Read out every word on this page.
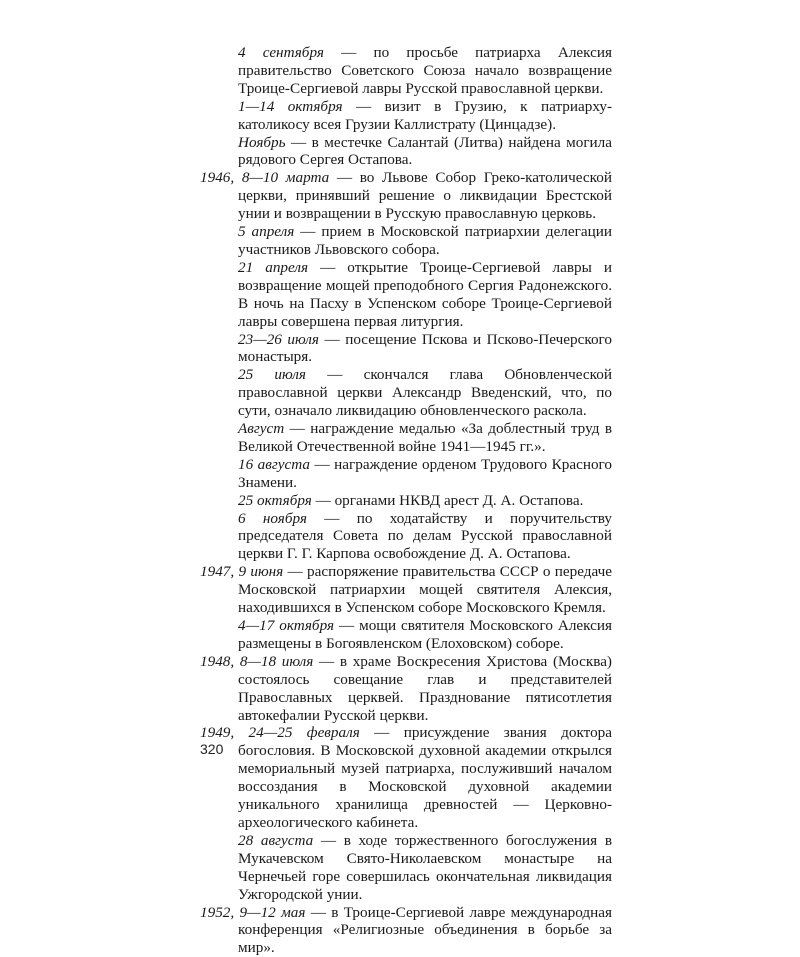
4 сентября — по просьбе патриарха Алексия правительство Советского Союза начало возвращение Троице-Сергиевой лавры Русской православной церкви.

1—14 октября — визит в Грузию, к патриарху-католикосу всея Грузии Каллистрату (Цинцадзе).

Ноябрь — в местечке Салантай (Литва) найдена могила рядового Сергея Остапова.

1946, 8—10 марта — во Львове Собор Греко-католической церкви, принявший решение о ликвидации Брестской унии и возвращении в Русскую православную церковь.

5 апреля — прием в Московской патриархии делегации участников Львовского собора.

21 апреля — открытие Троице-Сергиевой лавры и возвращение мощей преподобного Сергия Радонежского. В ночь на Пасху в Успенском соборе Троице-Сергиевой лавры совершена первая литургия.

23—26 июля — посещение Пскова и Псково-Печерского монастыря.

25 июля — скончался глава Обновленческой православной церкви Александр Введенский, что, по сути, означало ликвидацию обновленческого раскола.

Август — награждение медалью «За доблестный труд в Великой Отечественной войне 1941—1945 гг.».

16 августа — награждение орденом Трудового Красного Знамени.

25 октября — органами НКВД арест Д. А. Остапова.

6 ноября — по ходатайству и поручительству председателя Совета по делам Русской православной церкви Г. Г. Карпова освобождение Д. А. Остапова.

1947, 9 июня — распоряжение правительства СССР о передаче Московской патриархии мощей святителя Алексия, находившихся в Успенском соборе Московского Кремля.

4—17 октября — мощи святителя Московского Алексия размещены в Богоявленском (Елоховском) соборе.

1948, 8—18 июля — в храме Воскресения Христова (Москва) состоялось совещание глав и представителей Православных церквей. Празднование пятисотлетия автокефалии Русской церкви.

1949, 24—25 февраля — присуждение звания доктора богословия. В Московской духовной академии открылся мемориальный музей патриарха, послуживший началом воссоздания в Московской духовной академии уникального хранилища древностей — Церковно-археологического кабинета.

28 августа — в ходе торжественного богослужения в Мукачевском Свято-Николаевском монастыре на Чернечьей горе совершилась окончательная ликвидация Ужгородской унии.

1952, 9—12 мая — в Троице-Сергиевой лавре международная конференция «Религиозные объединения в борьбе за мир».

320
